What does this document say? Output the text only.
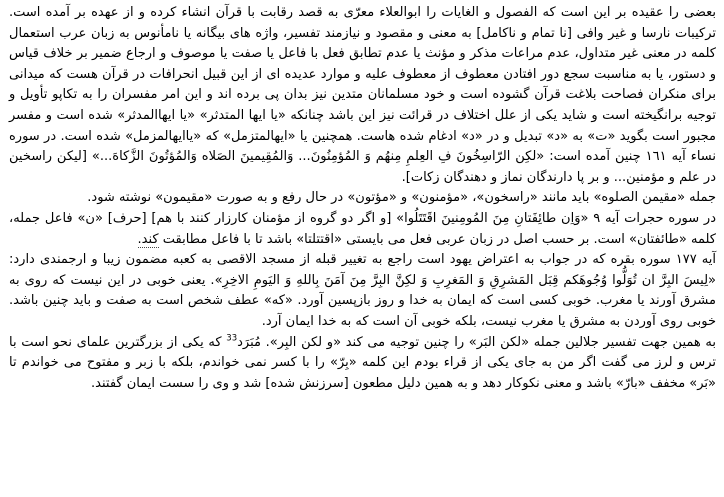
بعضی را عقیده بر این است که الفصول و الغایات را ابوالعلاء معرّی به قصد رقابت با قرآن انشاء کرده و از عهده بر آمده است. ترکیبات نارسا و غیر وافی [نا تمام و ناکامل] به معنی و مقصود و نیازمند تفسیر، واژه های بیگانه یا نامأنوس به زبان عرب استعمال کلمه در معنی غیر متداول، عدم مراعات مذکر و مؤنث یا عدم تطابق فعل با فاعل یا صفت یا موصوف و ارجاع ضمیر بر خلاف قیاس و دستور، یا به مناسبت سجع دور افتادن معطوف از معطوف علیه و موارد عدیده ای از این قبیل انحرافات در قرآن هست که میدانی برای منکران فصاحت بلاغت قرآن گشوده است و خود مسلمانان متدین نیز بدان پی برده اند و این امر مفسران را به تکاپو تأویل و توجیه برانگیخته است و شاید یکی از علل اختلاف در قرائت نیز این باشد چنانکه «یا ایها المتدثر» «یا ایهاالمدثر» شده است و مفسر مجبور است بگوید «ت» به «د» تبدیل و در «د» ادغام شده هاست. همچنین یا «ایهالمتزمل» که «یاایهالمزمل» شده است. در سوره نساء آیه ١٦١ چنین آمده است: «لکِن الرّاسِخُونَ فِ العِلمِ مِنهُم وَ المُؤمِنُونَ... وَالمُقِیمینَ الصَلاه وَالمُؤتُونَ الزَّکاهَ...» [لیکن راسخین در علم و مؤمنین... و بر پا دارندگان نماز و دهندگان زکات].

جمله «مقیمن الصلوه» باید مانند «راسخون»، «مؤمنون» و «مؤتون» در حال رفع و به صورت «مقیمون» نوشته شود.

در سوره حجرات آیه ٩ «وَاِن طائِفَتانِ مِنَ المُومِنینَ اقَتَتَلُوا» [و اگر دو گروه از مؤمنان کارزار کنند با هم] [حرف] «ن» فاعل جمله، کلمه «طائفتان» است. بر حسب اصل در زبان عربی فعل می بایستی «اقتتلتا» باشد تا با فاعل مطابقت کند.

آیه ١٧٧ سوره بقره که در جواب به اعتراض یهود است راجع به تغییر قبله از مسجد الاقصی به کعبه مضمون زیبا و ارجمندی دارد: «لِیسَ البِرَّ ان تُوَلُّوا وُجُوهَکم قِبَل المَشرِقِ وَ المَغرِبِ وَ لکِنَّ البِرَّ مِنَ آمَنَ بِاللهِ وَ الیَومِ الاخِرِ». یعنی خوبی در این نیست که روی به مشرق آورند یا مغرب. خوبی کسی است که ایمان به خدا و روز بازپسین آورد. «که» عطف شخص است به صفت و باید چنین باشد. خوبی روی آوردن به مشرق یا مغرب نیست، بلکه خوبی آن است که به خدا ایمان آرد.

به همین جهت تفسیر جلالین جمله «لکن البَر» را چنین توجیه می کند «و لکن البِر». مُبَرَد$^{33}$ که یکی از بزرگترین علمای نحو است با ترس و لرز می گفت اگر من به جای یکی از قراء بودم این کلمه «بِرّ» را با کسر نمی خواندم، بلکه با زبر و مفتوح می خواندم تا «بَر» مخفف «بارّ» باشد و معنی نکوکار دهد و به همین دلیل مطعون [سرزنش شده] شد و وی را سست ایمان گفتند.
